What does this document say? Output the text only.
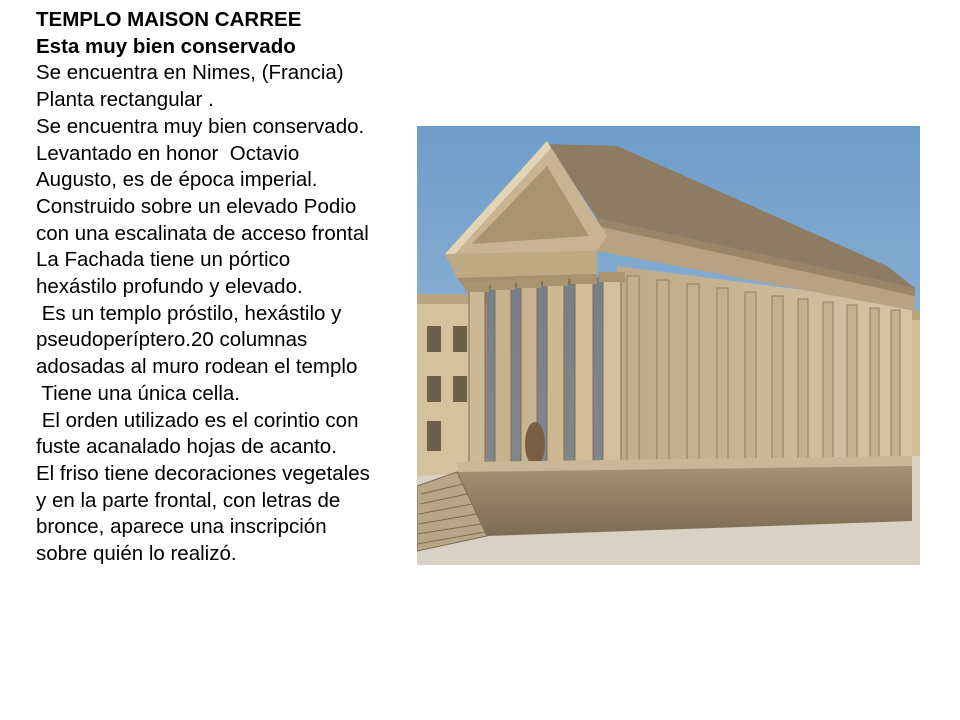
TEMPLO MAISON CARREE
Esta muy bien conservado
Se encuentra en Nimes, (Francia)
Planta rectangular .
Se encuentra muy bien conservado.
Levantado en honor  Octavio
Augusto, es de época imperial.
Construido sobre un elevado Podio
con una escalinata de acceso frontal
La Fachada tiene un pórtico
hexástilo profundo y elevado.
Es un templo próstilo, hexástilo y
pseudoperíptero.20 columnas
adosadas al muro rodean el templo
Tiene una única cella.
El orden utilizado es el corintio con
fuste acanalado hojas de acanto.
El friso tiene decoraciones vegetales
y en la parte frontal, con letras de
bronce, aparece una inscripción
sobre quién lo realizó.
